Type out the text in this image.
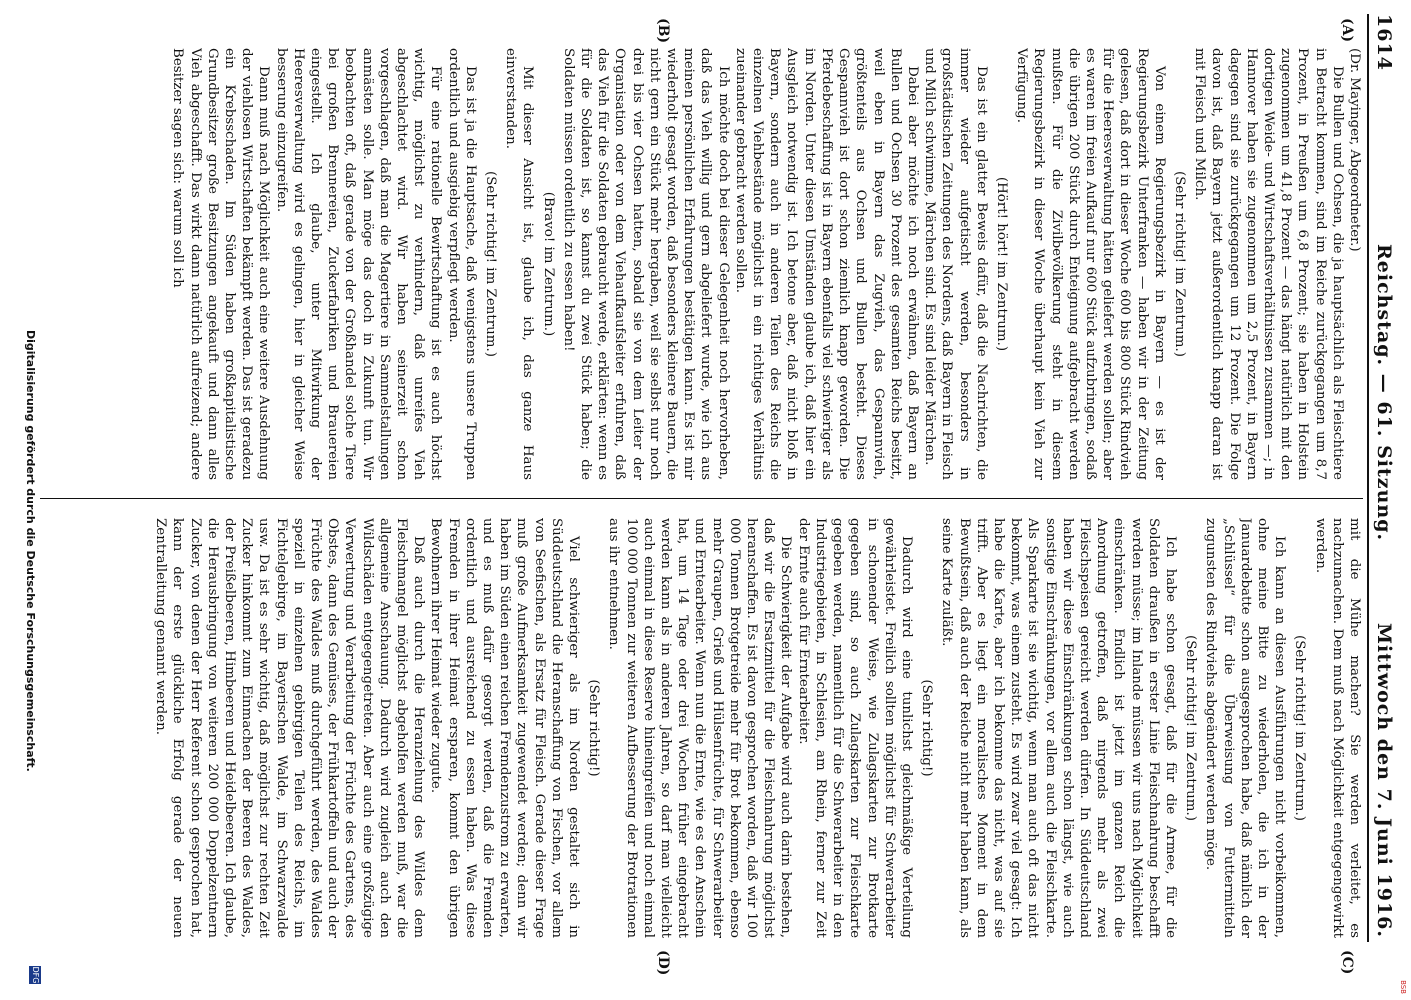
BSB
1614
Reichstag. — 61. Sitzung.
Mittwoch den 7. Juni 1916.
(A)
(B)
(C)
(D)

(Dr. Mayinger, Abgeordneter.)

Die Bullen und Ochsen, die ja hauptsächlich als Fleischtiere in Betracht kommen, sind im Reiche zurückgegangen um 8,7 Prozent, in Preußen um 6,8 Prozent; sie haben in Holstein zugenommen um 41,8 Prozent — das hängt natürlich mit den dortigen Weide- und Wirtschaftsverhältnissen zusammen —; in Hannover haben sie zugenommen um 2,5 Prozent, in Bayern dagegen sind sie zurückgegangen um 12 Prozent. Die Folge davon ist, daß Bayern jetzt außerordentlich knapp daran ist mit Fleisch und Milch.

(Sehr richtig! im Zentrum.)

Von einem Regierungsbezirk in Bayern — es ist der Regierungsbezirk Unterfranken — haben wir in der Zeitung gelesen, daß dort in dieser Woche 600 bis 800 Stück Rindvieh für die Heeresverwaltung hätten geliefert werden sollen; aber es waren im freien Aufkauf nur 600 Stück aufzubringen, sodaß die übrigen 200 Stück durch Enteignung aufgebracht werden mußten. Für die Zivilbevölkerung steht in diesem Regierungsbezirk in dieser Woche überhaupt kein Vieh zur Verfügung.

(Hört! hört! im Zentrum.)

Das ist ein glatter Beweis dafür, daß die Nachrichten, die immer wieder aufgetischt werden, besonders in großstädtischen Zeitungen des Nordens, daß Bayern in Fleisch und Milch schwimme, Märchen sind. Es sind leider Märchen.

Dabei aber möchte ich noch erwähnen, daß Bayern an Bullen und Ochsen 30 Prozent des gesamten Reichs besitzt, weil eben in Bayern das Zugvieh, das Gespannvieh, größtenteils aus Ochsen und Bullen besteht. Dieses Gespannvieh ist dort schon ziemlich knapp geworden. Die Pferdebeschaffung ist in Bayern ebenfalls viel schwieriger als im Norden. Unter diesen Umständen glaube ich, daß hier ein Ausgleich notwendig ist. Ich betone aber, daß nicht bloß in Bayern, sondern auch in anderen Teilen des Reichs die einzelnen Viehbestände möglichst in ein richtiges Verhältnis zueinander gebracht werden sollen.

Ich möchte doch bei dieser Gelegenheit noch hervorheben, daß das Vieh willig und gern abgeliefert wurde, wie ich aus meinen persönlichen Erfahrungen bestätigen kann. Es ist mir wiederholt gesagt worden, daß besonders kleinere Bauern, die nicht gern ein Stück mehr hergaben, weil sie selbst nur noch drei bis vier Ochsen hatten, sobald sie von dem Leiter der Organisation oder von dem Viehaufkaufsleiter erfuhren, daß das Vieh für die Soldaten gebraucht werde, erklärten: wenn es für die Soldaten ist, so kannst du zwei Stück haben; die Soldaten müssen ordentlich zu essen haben!

(Bravo! im Zentrum.)

Mit dieser Ansicht ist, glaube ich, das ganze Haus einverstanden.

(Sehr richtig! im Zentrum.)

Das ist ja die Hauptsache, daß wenigstens unsere Truppen ordentlich und ausgiebig verpflegt werden.

Für eine rationelle Bewirtschaftung ist es auch höchst wichtig, möglichst zu verhindern, daß unreifes Vieh abgeschlachtet wird. Wir haben seinerzeit schon vorgeschlagen, daß man die Magertiere in Sammelstallungen anmästen solle. Man möge das doch in Zukunft tun. Wir beobachten oft, daß gerade von der Großhandel solche Tiere bei großen Brennereien, Zuckerfabriken und Brauereien eingestellt. Ich glaube, unter Mitwirkung der Heeresverwaltung wird es gelingen, hier in gleicher Weise besserung einzugreifen.

Dann muß nach Möglichkeit auch eine weitere Ausdehnung der viehlosen Wirtschaften bekämpft werden. Das ist geradezu ein Krebsschaden. Im Süden haben großkapitalistische Grundbesitzer große Besitzungen angekauft und dann alles Vieh abgeschafft. Das wirkt dann natürlich aufreizend; andere Besitzer sagen sich: warum soll ich

mit die Mühe machen? Sie werden verleitet, es nachzumachen. Dem muß nach Möglichkeit entgegengewirkt werden.

(Sehr richtig! im Zentrum.)

Ich kann an diesen Ausführungen nicht vorbeikommen, ohne meine Bitte zu wiederholen, die ich in der Januardebatte schon ausgesprochen habe, daß nämlich der „Schlüssel“ für die Überweisung von Futtermitteln zugunsten des Rindviehs abgeändert werden möge.

(Sehr richtig! im Zentrum.)

Ich habe schon gesagt, daß für die Armee, für die Soldaten draußen in erster Linie Fleischnahrung beschafft werden müsse; im Inlande müssen wir uns nach Möglichkeit einschränken. Endlich ist jetzt im ganzen Reich die Anordnung getroffen, daß nirgends mehr als zwei Fleischspeisen gereicht werden dürfen. In Süddeutschland haben wir diese Einschränkungen schon längst, wie auch sonstige Einschränkungen, vor allem auch die Fleischkarte. Als Sparkarte ist sie wichtig, wenn man auch oft das nicht bekommt, was einem zusteht. Es wird zwar viel gesagt: Ich habe die Karte, aber ich bekomme das nicht, was auf sie trifft. Aber es liegt ein moralisches Moment in dem Bewußtsein, daß auch der Reiche nicht mehr haben kann, als seine Karte zuläßt.

(Sehr richtig!)

Dadurch wird eine tunlichst gleichmäßige Verteilung gewährleistet. Freilich sollten möglichst für Schwerarbeiter in schonender Weise, wie Zulagskarten zur Brotkarte gegeben sind, so auch Zulagskarten zur Fleischkarte gegeben werden, namentlich für die Schwerarbeiter in den Industriegebieten, in Schlesien, am Rhein, ferner zur Zeit der Ernte auch für Erntearbeiter.

Die Schwierigkeit der Aufgabe wird auch darin bestehen, daß wir die Ersatzmittel für die Fleischnahrung möglichst heranschaffen. Es ist davon gesprochen worden, daß wir 100 000 Tonnen Brotgetreide mehr für Brot bekommen, ebenso mehr Graupen, Grieß und Hülsenfrüchte, für Schwerarbeiter und Erntearbeiter. Wenn nun die Ernte, wie es den Anschein hat, um 14 Tage oder drei Wochen früher eingebracht werden kann als in anderen Jahren, so darf man vielleicht auch einmal in diese Reserve hineingreifen und noch einmal 100 000 Tonnen zur weiteren Aufbesserung der Brotrationen aus ihr entnehmen.

(Sehr richtig!)

Viel schwieriger als im Norden gestaltet sich in Süddeutschland die Heranschaffung von Fischen, vor allem von Seefischen, als Ersatz für Fleisch. Gerade dieser Frage muß große Aufmerksamkeit zugewendet werden; denn wir haben im Süden einen reichen Fremdenzustrom zu erwarten, und es muß dafür gesorgt werden, daß die Fremden ordentlich und ausreichend zu essen haben. Was diese Fremden in ihrer Heimat ersparen, kommt den übrigen Bewohnern ihrer Heimat wieder zugute.

Daß auch durch die Heranziehung des Wildes dem Fleischmangel möglichst abgeholfen werden muß, war die allgemeine Anschauung. Dadurch wird zugleich auch den Wildschäden entgegengetreten. Aber auch eine großzügige Verwertung und Verarbeitung der Früchte des Gartens, des Obstes, dann des Gemüses, der Frühkartoffeln und auch der Früchte des Waldes muß durchgeführt werden, des Waldes speziell in einzelnen gebirgigen Teilen des Reichs, im Fichtelgebirge, im Bayerischen Walde, im Schwarzwalde usw. Da ist es sehr wichtig, daß möglichst zur rechten Zeit Zucker hinkommt zum Einmachen der Beeren des Waldes, der Preißelbeeren, Himbeeren und Heidelbeeren. Ich glaube, die Herausbringung von weiteren 200 000 Doppelzentnern Zucker, von denen der Herr Referent schon gesprochen hat, kann der erste glückliche Erfolg gerade der neuen Zentralleitung genannt werden.

Digitalisierung gefördert durch die Deutsche Forschungsgemeinschaft.
DFG
